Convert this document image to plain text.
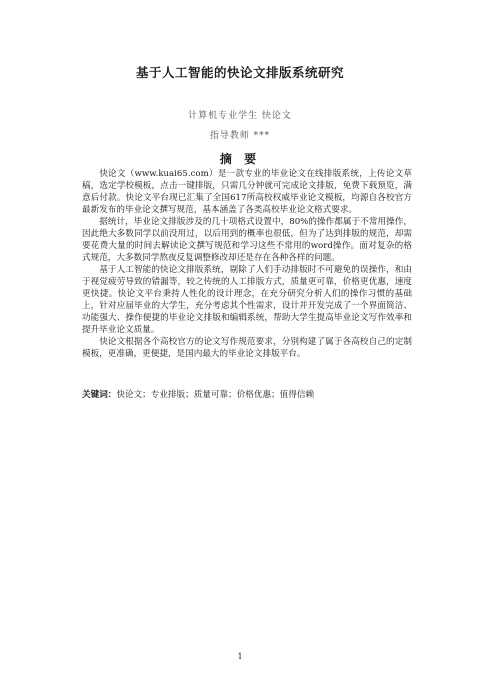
基于人工智能的快论文排版系统研究
计算机专业学生 快论文
指导教师 ***
摘 要

快论文（www.kuai65.com）是一款专业的毕业论文在线排版系统，上传论文草稿，选定学校模板，点击一键排版，只需几分钟就可完成论文排版，免费下载预览，满意后付款。快论文平台现已汇集了全国617所高校权威毕业论文模板，均源自各校官方最新发布的毕业论文撰写规范，基本涵盖了各类高校毕业论文格式要求。

据统计，毕业论文排版涉及的几十项格式设置中，80%的操作都属于不常用操作，因此绝大多数同学以前没用过，以后用到的概率也很低，但为了达到排版的规范，却需要花费大量的时间去解读论文撰写规范和学习这些不常用的word操作。面对复杂的格式规范，大多数同学熬夜反复调整修改却还是存在各种各样的问题。

基于人工智能的快论文排版系统，剔除了人们手动排版时不可避免的误操作，和由于视觉疲劳导致的错漏等，较之传统的人工排版方式，质量更可靠，价格更优惠，速度更快捷。快论文平台秉持人性化的设计理念，在充分研究分析人们的操作习惯的基础上，针对应届毕业的大学生，充分考虑其个性需求，设计并开发完成了一个界面简洁、功能强大、操作便捷的毕业论文排版和编辑系统，帮助大学生提高毕业论文写作效率和提升毕业论文质量。

快论文根据各个高校官方的论文写作规范要求，分别构建了属于各高校自己的定制模板，更准确，更便捷，是国内最大的毕业论文排版平台。

关键词：快论文；专业排版；质量可靠；价格优惠；值得信赖
1
